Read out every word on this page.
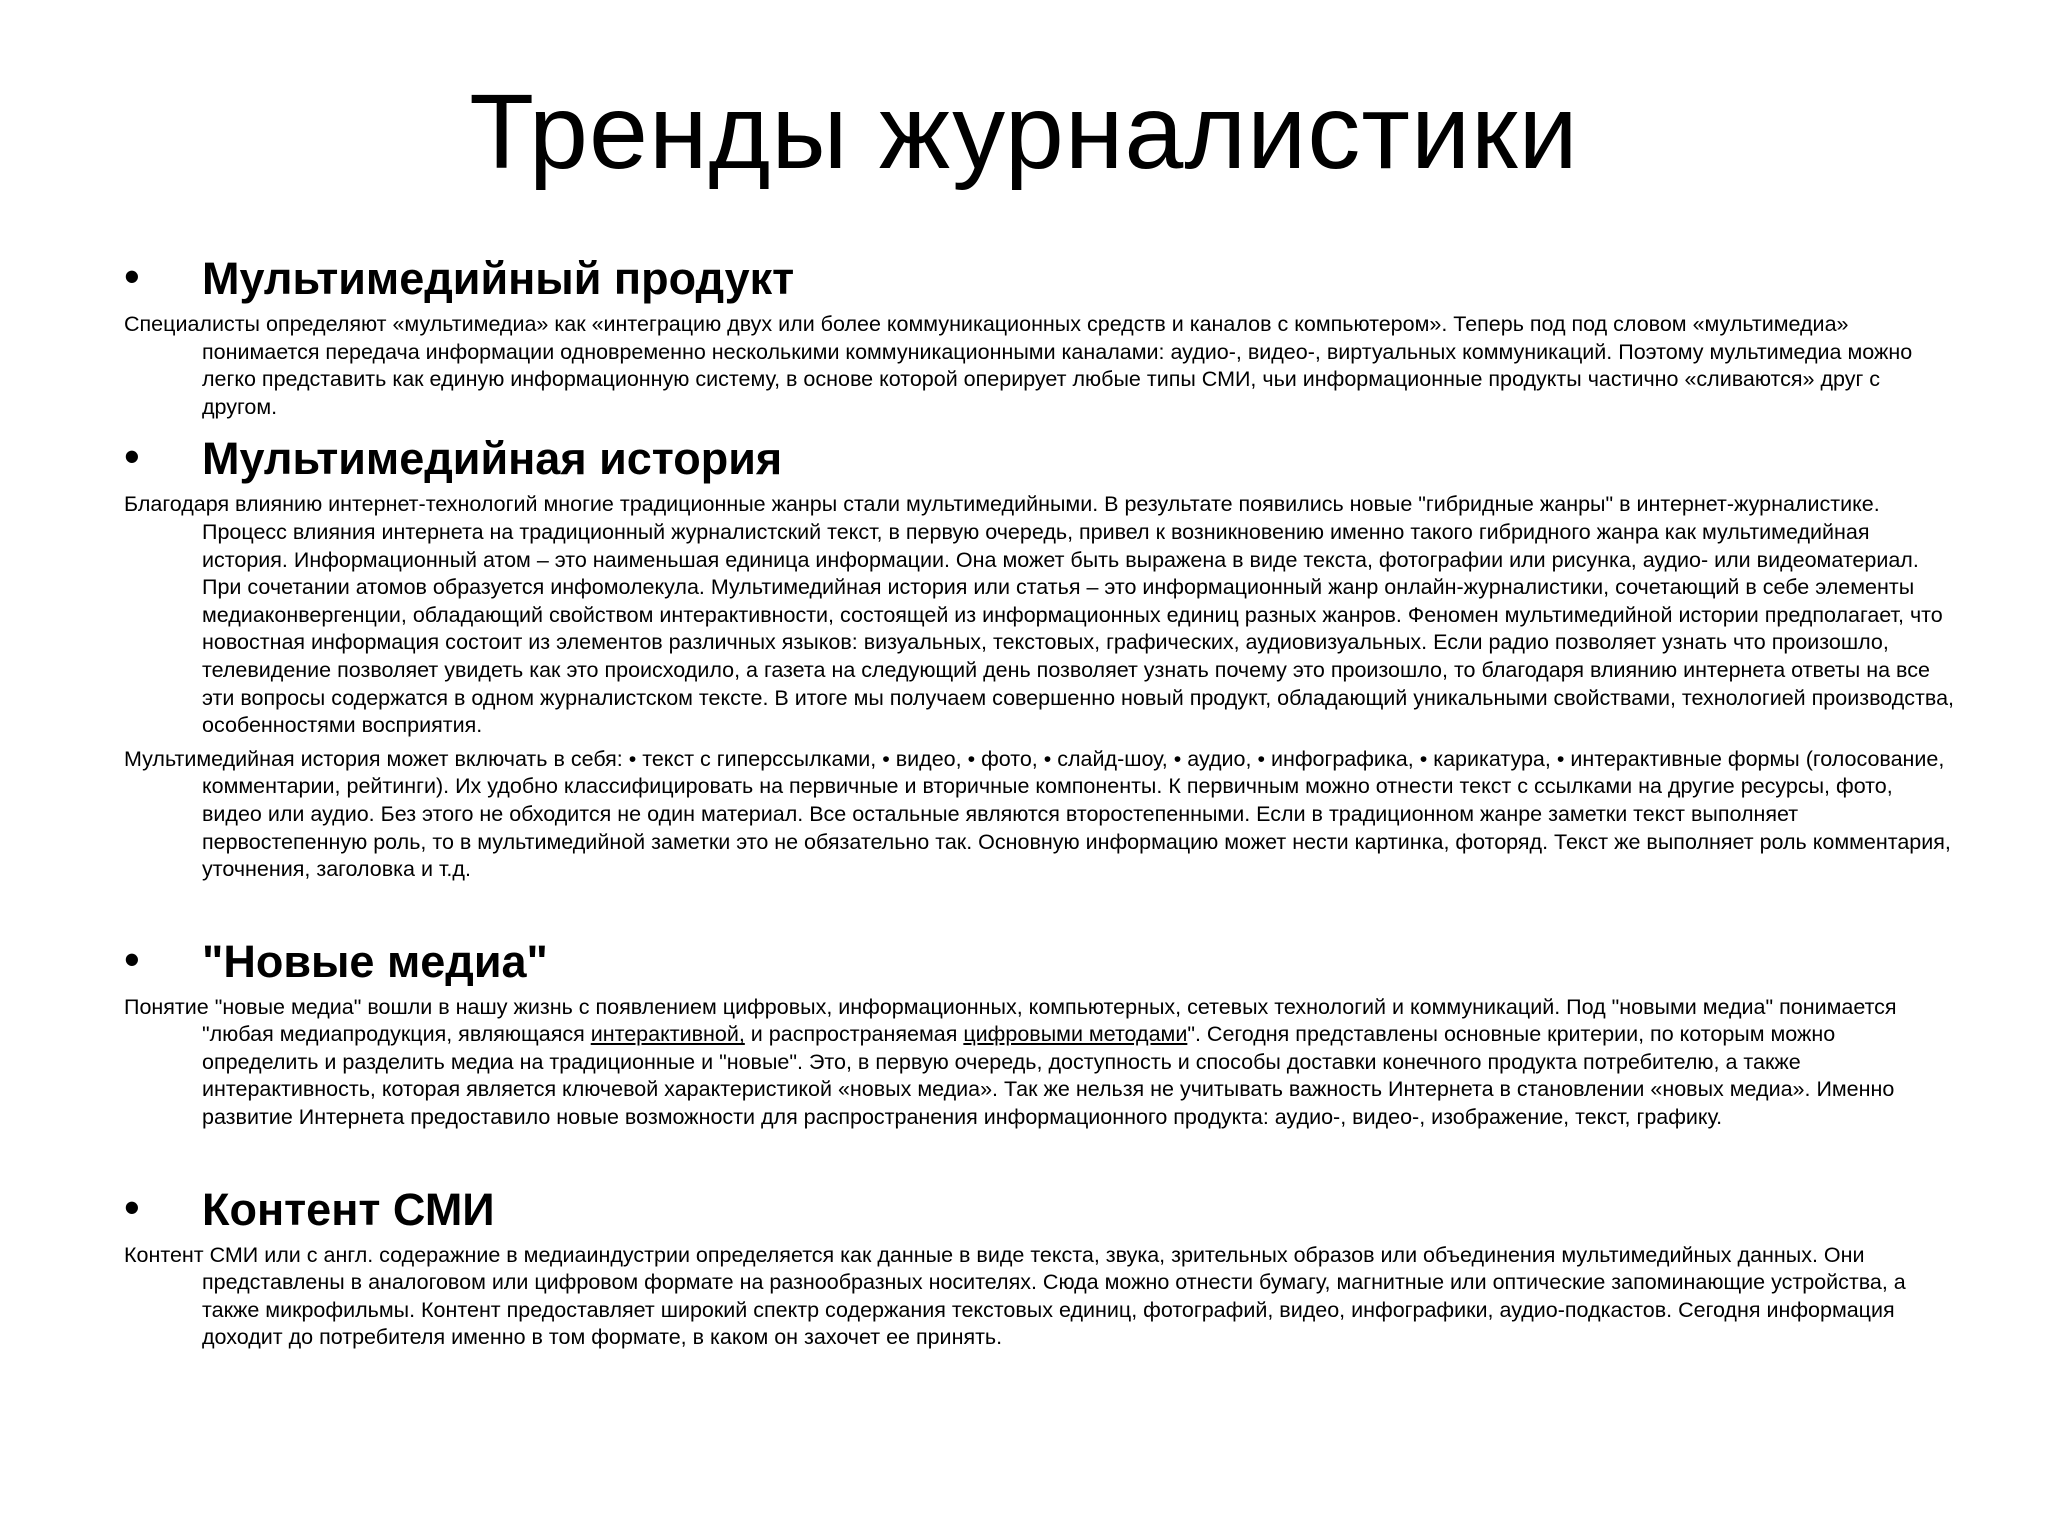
Тренды журналистики
• Мультимедийный продукт

Специалисты определяют «мультимедиа» как «интеграцию двух или более коммуникационных средств и каналов с компьютером». Теперь под под словом «мультимедиа» понимается передача информации одновременно несколькими коммуникационными каналами: аудио-, видео-, виртуальных коммуникаций. Поэтому мультимедиа можно легко представить как единую информационную систему, в основе которой оперирует любые типы СМИ, чьи информационные продукты частично «сливаются» друг с другом.

• Мультимедийная история

Благодаря влиянию интернет-технологий многие традиционные жанры стали мультимедийными. В результате появились новые "гибридные жанры" в интернет-журналистике. Процесс влияния интернета на традиционный журналистский текст, в первую очередь, привел к возникновению именно такого гибридного жанра как мультимедийная история. Информационный атом – это наименьшая единица информации. Она может быть выражена в виде текста, фотографии или рисунка, аудио- или видеоматериал. При сочетании атомов образуется инфомолекула. Мультимедийная история или статья – это информационный жанр онлайн-журналистики, сочетающий в себе элементы медиаконвергенции, обладающий свойством интерактивности, состоящей из информационных единиц разных жанров. Феномен мультимедийной истории предполагает, что новостная информация состоит из элементов различных языков: визуальных, текстовых, графических, аудиовизуальных. Если радио позволяет узнать что произошло, телевидение позволяет увидеть как это происходило, а газета на следующий день позволяет узнать почему это произошло, то благодаря влиянию интернета ответы на все эти вопросы содержатся в одном журналистском тексте. В итоге мы получаем совершенно новый продукт, обладающий уникальными свойствами, технологией производства, особенностями восприятия.

Мультимедийная история может включать в себя: • текст с гиперссылками, • видео, • фото, • слайд-шоу, • аудио, • инфографика, • карикатура, • интерактивные формы (голосование, комментарии, рейтинги). Их удобно классифицировать на первичные и вторичные компоненты. К первичным можно отнести текст с ссылками на другие ресурсы, фото, видео или аудио. Без этого не обходится не один материал. Все остальные являются второстепенными. Если в традиционном жанре заметки текст выполняет первостепенную роль, то в мультимедийной заметки это не обязательно так. Основную информацию может нести картинка, фоторяд. Текст же выполняет роль комментария, уточнения, заголовка и т.д.

• "Новые медиа"

Понятие "новые медиа" вошли в нашу жизнь с появлением цифровых, информационных, компьютерных, сетевых технологий и коммуникаций. Под "новыми медиа" понимается "любая медиапродукция, являющаяся интерактивной, и распространяемая цифровыми методами". Сегодня представлены основные критерии, по которым можно определить и разделить медиа на традиционные и "новые". Это, в первую очередь, доступность и способы доставки конечного продукта потребителю, а также интерактивность, которая является ключевой характеристикой «новых медиа». Так же нельзя не учитывать важность Интернета в становлении «новых медиа». Именно развитие Интернета предоставило новые возможности для распространения информационного продукта: аудио-, видео-, изображение, текст, графику.

• Контент СМИ

Контент СМИ или с англ. содеражние в медиаиндустрии определяется как данные в виде текста, звука, зрительных образов или объединения мультимедийных данных. Они представлены в аналоговом или цифровом формате на разнообразных носителях. Сюда можно отнести бумагу, магнитные или оптические запоминающие устройства, а также микрофильмы. Контент предоставляет широкий спектр содержания текстовых единиц, фотографий, видео, инфографики, аудио-подкастов. Сегодня информация доходит до потребителя именно в том формате, в каком он захочет ее принять.
